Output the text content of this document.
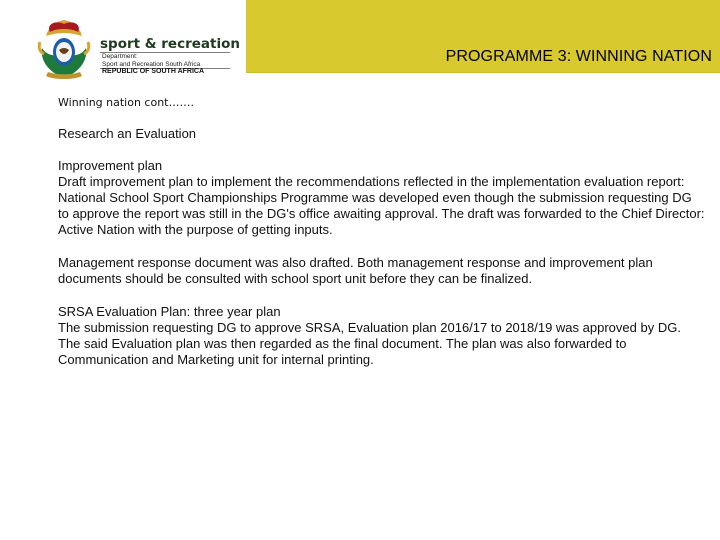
PROGRAMME 3: WINNING NATION
sport & recreation
Department:
Sport and Recreation South Africa
REPUBLIC OF SOUTH AFRICA
Winning nation cont…….

Research an Evaluation

Improvement plan

Draft improvement plan to implement the recommendations reflected in the implementation evaluation report: National School Sport Championships Programme was developed even though the submission requesting DG to approve the report was still in the DG's office awaiting approval. The draft was forwarded to the Chief Director: Active Nation with the purpose of getting inputs.

Management response document was also drafted. Both management response and improvement plan documents should be consulted with school sport unit before they can be finalized.

SRSA Evaluation Plan: three year plan

The submission requesting DG to approve SRSA, Evaluation plan 2016/17 to 2018/19 was approved by DG. The said Evaluation plan was then regarded as the final document. The plan was also forwarded to Communication and Marketing unit for internal printing.
